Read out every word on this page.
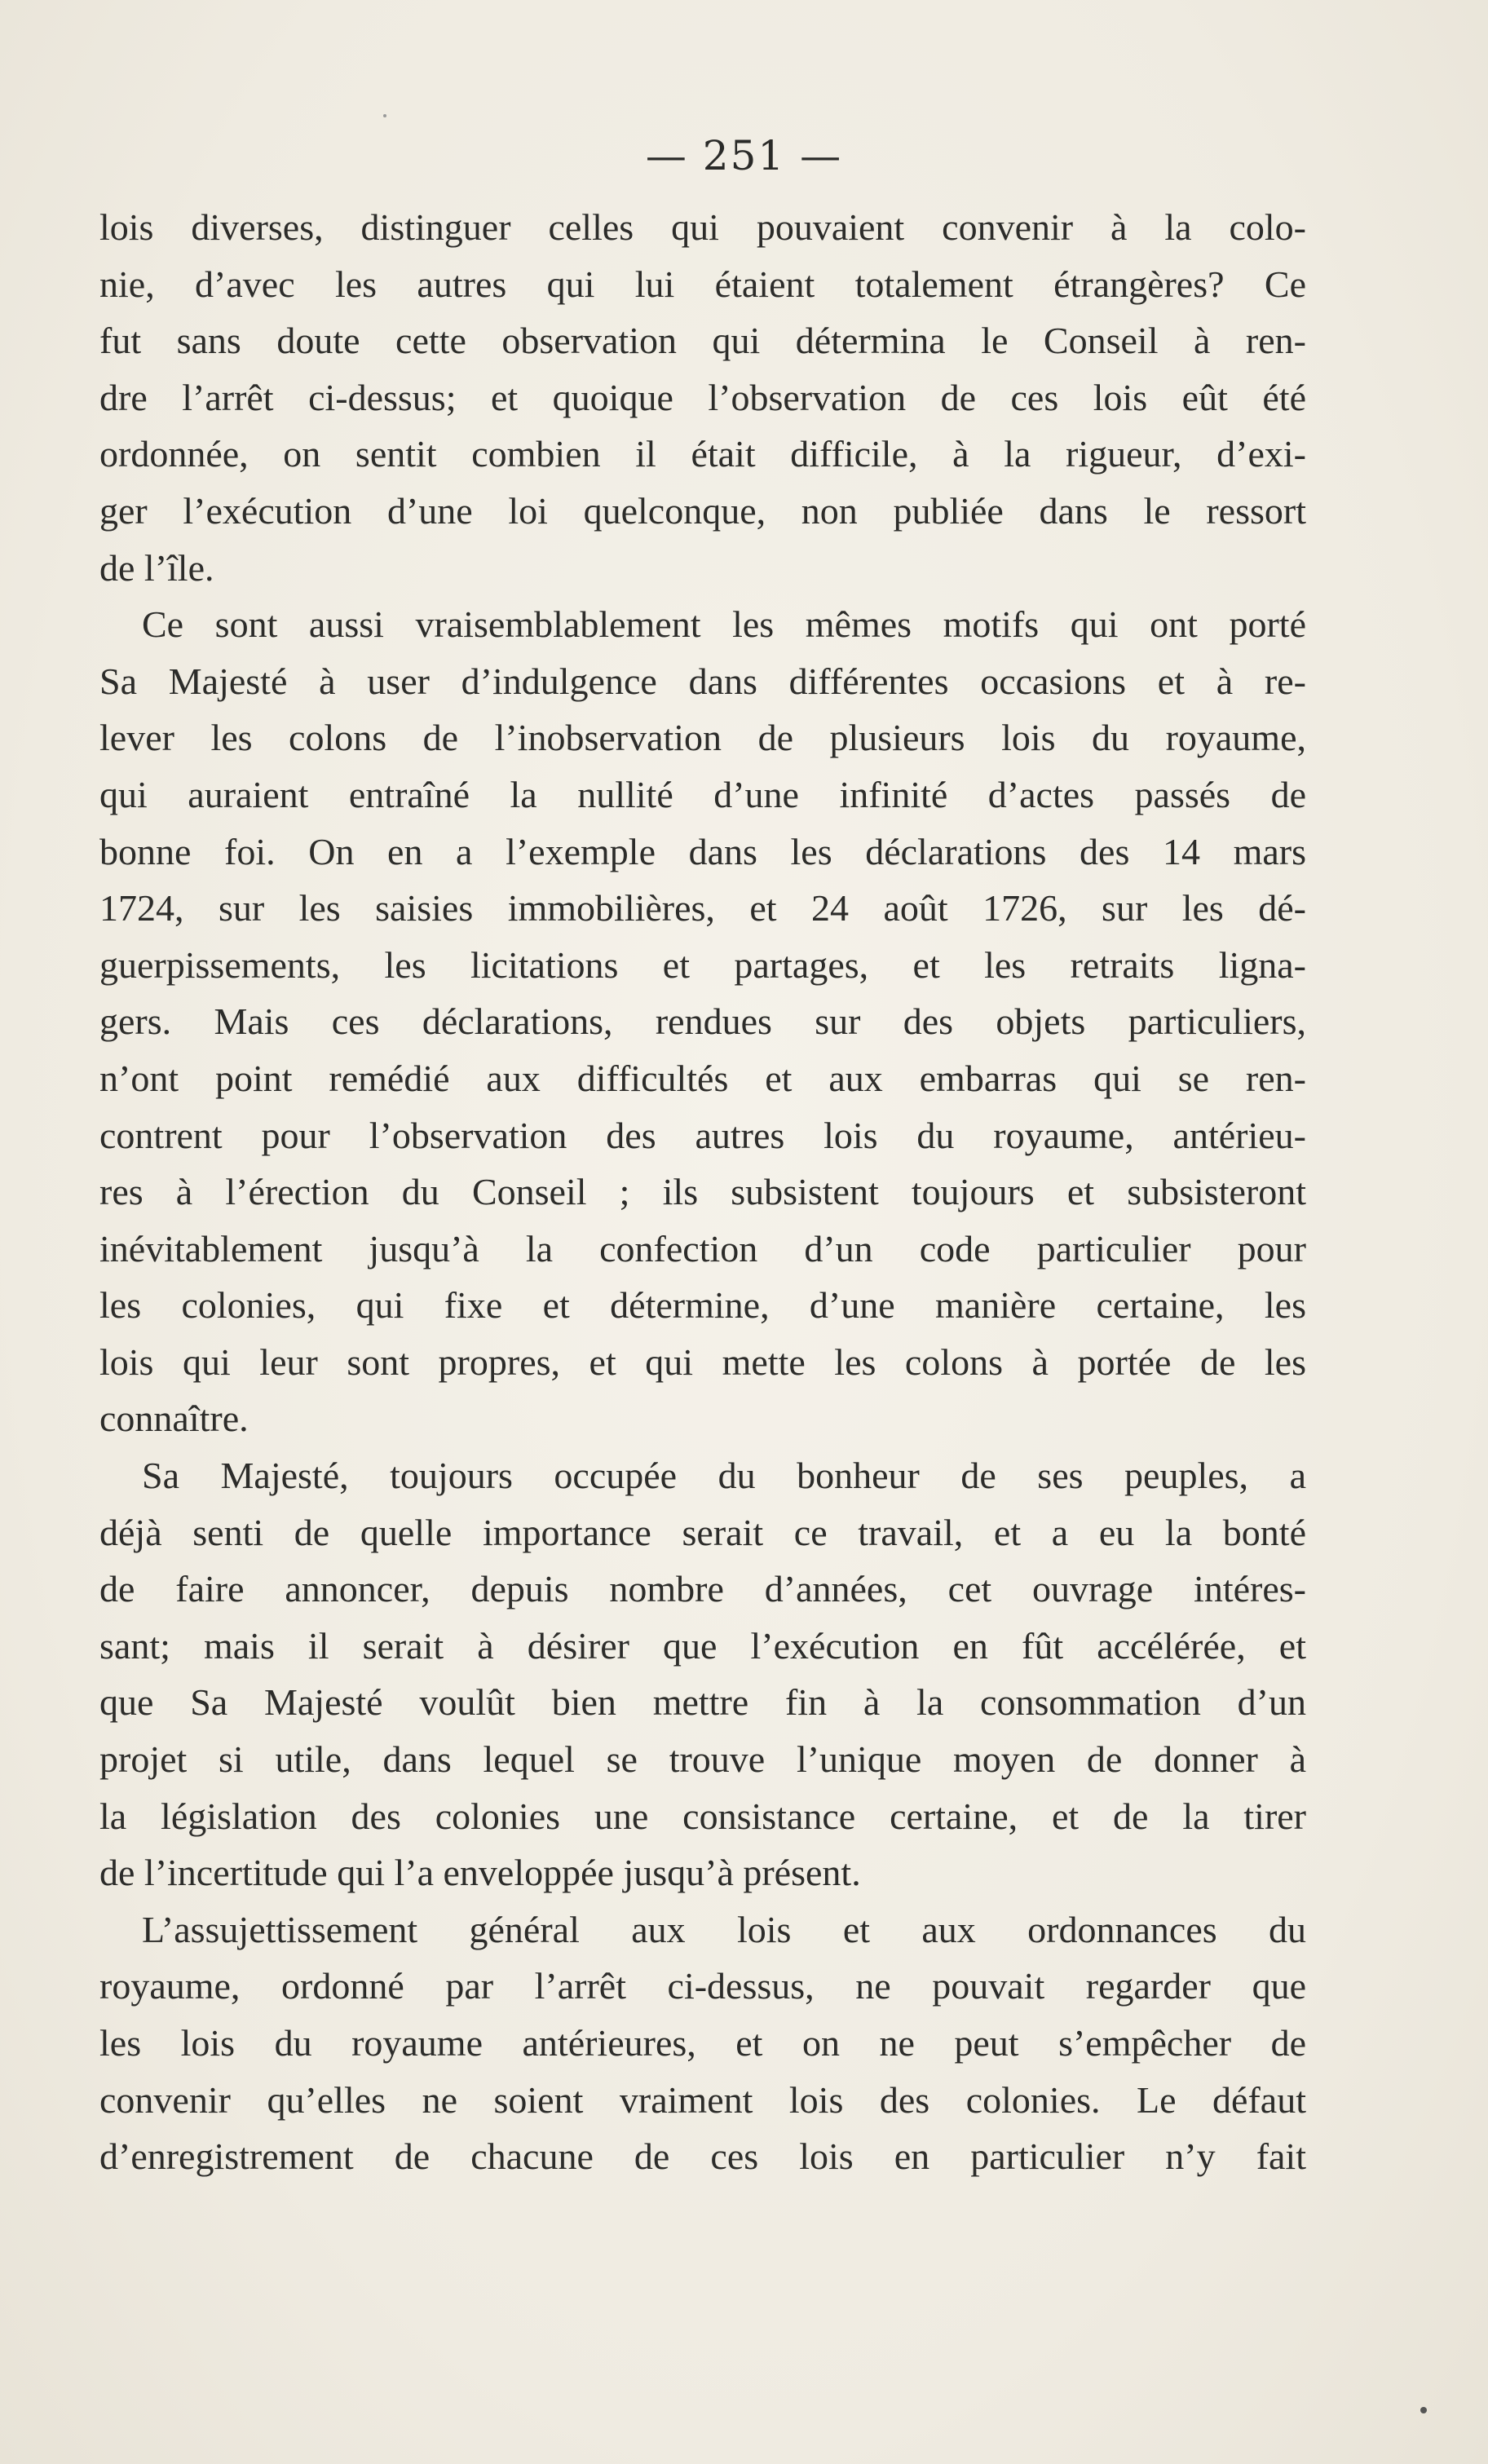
— 251 —
lois diverses, distinguer celles qui pouvaient convenir à la colo-
nie, d’avec les autres qui lui étaient totalement étrangères? Ce
fut sans doute cette observation qui détermina le Conseil à ren-
dre l’arrêt ci-dessus; et quoique l’observation de ces lois eût été
ordonnée, on sentit combien il était difficile, à la rigueur, d’exi-
ger l’exécution d’une loi quelconque, non publiée dans le ressort
de l’île.
Ce sont aussi vraisemblablement les mêmes motifs qui ont porté
Sa Majesté à user d’indulgence dans différentes occasions et à re-
lever les colons de l’inobservation de plusieurs lois du royaume,
qui auraient entraîné la nullité d’une infinité d’actes passés de
bonne foi. On en a l’exemple dans les déclarations des 14 mars
1724, sur les saisies immobilières, et 24 août 1726, sur les dé-
guerpissements, les licitations et partages, et les retraits ligna-
gers. Mais ces déclarations, rendues sur des objets particuliers,
n’ont point remédié aux difficultés et aux embarras qui se ren-
contrent pour l’observation des autres lois du royaume, antérieu-
res à l’érection du Conseil ; ils subsistent toujours et subsisteront
inévitablement jusqu’à la confection d’un code particulier pour
les colonies, qui fixe et détermine, d’une manière certaine, les
lois qui leur sont propres, et qui mette les colons à portée de les
connaître.
Sa Majesté, toujours occupée du bonheur de ses peuples, a
déjà senti de quelle importance serait ce travail, et a eu la bonté
de faire annoncer, depuis nombre d’années, cet ouvrage intéres-
sant; mais il serait à désirer que l’exécution en fût accélérée, et
que Sa Majesté voulût bien mettre fin à la consommation d’un
projet si utile, dans lequel se trouve l’unique moyen de donner à
la législation des colonies une consistance certaine, et de la tirer
de l’incertitude qui l’a enveloppée jusqu’à présent.
L’assujettissement général aux lois et aux ordonnances du
royaume, ordonné par l’arrêt ci-dessus, ne pouvait regarder que
les lois du royaume antérieures, et on ne peut s’empêcher de
convenir qu’elles ne soient vraiment lois des colonies. Le défaut
d’enregistrement de chacune de ces lois en particulier n’y fait
